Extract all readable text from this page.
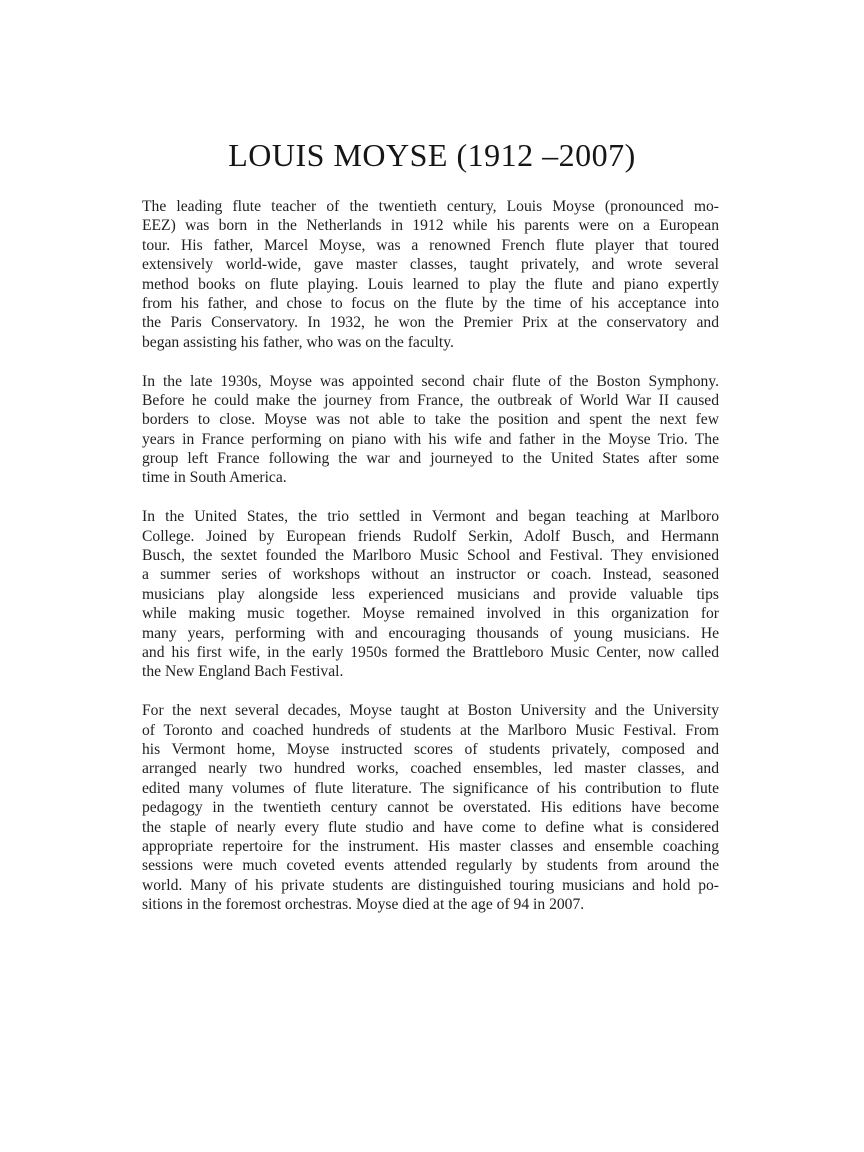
LOUIS MOYSE (1912 –2007)
The leading flute teacher of the twentieth century, Louis Moyse (pronounced mo-
EEZ) was born in the Netherlands in 1912 while his parents were on a European
tour. His father, Marcel Moyse, was a renowned French flute player that toured
extensively world-wide, gave master classes, taught privately, and wrote several
method books on flute playing. Louis learned to play the flute and piano expertly
from his father, and chose to focus on the flute by the time of his acceptance into
the Paris Conservatory. In 1932, he won the Premier Prix at the conservatory and
began assisting his father, who was on the faculty.
In the late 1930s, Moyse was appointed second chair flute of the Boston Symphony.
Before he could make the journey from France, the outbreak of World War II caused
borders to close. Moyse was not able to take the position and spent the next few
years in France performing on piano with his wife and father in the Moyse Trio. The
group left France following the war and journeyed to the United States after some
time in South America.
In the United States, the trio settled in Vermont and began teaching at Marlboro
College. Joined by European friends Rudolf Serkin, Adolf Busch, and Hermann
Busch, the sextet founded the Marlboro Music School and Festival. They envisioned
a summer series of workshops without an instructor or coach. Instead, seasoned
musicians play alongside less experienced musicians and provide valuable tips
while making music together. Moyse remained involved in this organization for
many years, performing with and encouraging thousands of young musicians. He
and his first wife, in the early 1950s formed the Brattleboro Music Center, now called
the New England Bach Festival.
For the next several decades, Moyse taught at Boston University and the University
of Toronto and coached hundreds of students at the Marlboro Music Festival. From
his Vermont home, Moyse instructed scores of students privately, composed and
arranged nearly two hundred works, coached ensembles, led master classes, and
edited many volumes of flute literature. The significance of his contribution to flute
pedagogy in the twentieth century cannot be overstated. His editions have become
the staple of nearly every flute studio and have come to define what is considered
appropriate repertoire for the instrument. His master classes and ensemble coaching
sessions were much coveted events attended regularly by students from around the
world. Many of his private students are distinguished touring musicians and hold po-
sitions in the foremost orchestras. Moyse died at the age of 94 in 2007.
